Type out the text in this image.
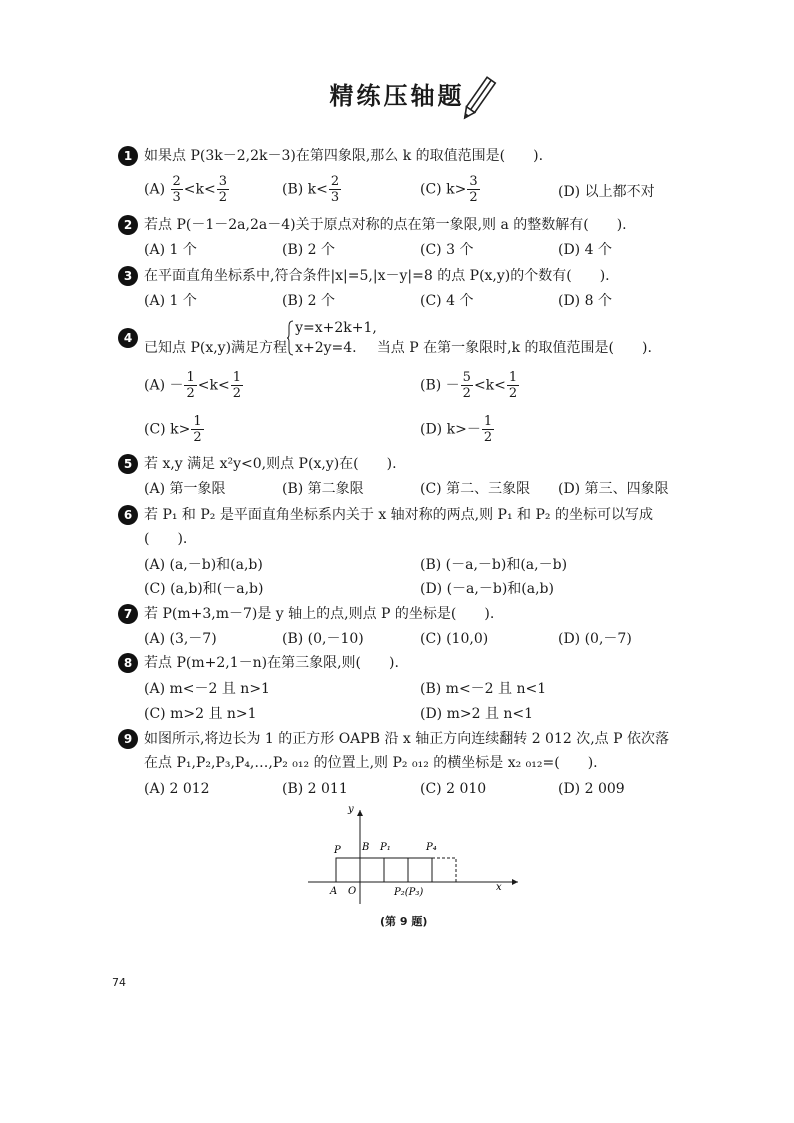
精练压轴题
1 如果点 P(3k－2,2k－3)在第四象限,那么 k 的取值范围是(　　).
$(A) \frac{2}{3} <k< \frac{3}{2}$	(B) $k< \frac{2}{3}$	(C) $k> \frac{3}{2}$	(D) 以上都不对
2 若点 P(－1－2a,2a－4)关于原点对称的点在第一象限,则 a 的整数解有(　　).
(A) 1 个	(B) 2 个	(C) 3 个	(D) 4 个
3 在平面直角坐标系中,符合条件|x|=5,|x－y|=8 的点 P(x,y)的个数有(　　).
(A) 1 个	(B) 2 个	(C) 4 个	(D) 8 个
4
已知点 P(x,y)满足方程
y=x+2k+1,
x+2y=4.	当点 P 在第一象限时,k 的取值范围是(　　).
$(A) - \frac{1}{2} <k< \frac{1}{2}$	$(B) - \frac{5}{2} <k< \frac{1}{2}$
(C) $k> \frac{1}{2}$	(D) $k>- \frac{1}{2}$
5 若 x,y 满足 x²y<0,则点 P(x,y)在(　　).
(A) 第一象限	(B) 第二象限	(C) 第二、三象限 (D) 第三、四象限
6 若 P₁ 和 P₂ 是平面直角坐标系内关于 x 轴对称的两点,则 P₁ 和 P₂ 的坐标可以写成
(　　).
(A) (a,－b)和(a,b)	(B) (－a,－b)和(a,－b)
(C) (a,b)和(－a,b)	(D) (－a,－b)和(a,b)
7 若 P(m+3,m－7)是 y 轴上的点,则点 P 的坐标是(　　).
(A) (3,－7)	(B) (0,－10)	(C) (10,0)	(D) (0,－7)
8 若点 P(m+2,1－n)在第三象限,则(　　).
(A) m<－2 且 n>1	(B) m<－2 且 n<1
(C) m>2 且 n>1	(D) m>2 且 n<1
9 如图所示,将边长为 1 的正方形 OAPB 沿 x 轴正方向连续翻转 2 012 次,点 P 依次落
在点 P₁,P₂,P₃,P₄,…,P₂ ₀₁₂ 的位置上,则 P₂ ₀₁₂ 的横坐标是 x₂ ₀₁₂=(　　).
(A) 2 012	(B) 2 011	(C) 2 010	(D) 2 009
y
x
P B P₁	P₄
A O	P₂(P₃)
(第 9 题)
74
